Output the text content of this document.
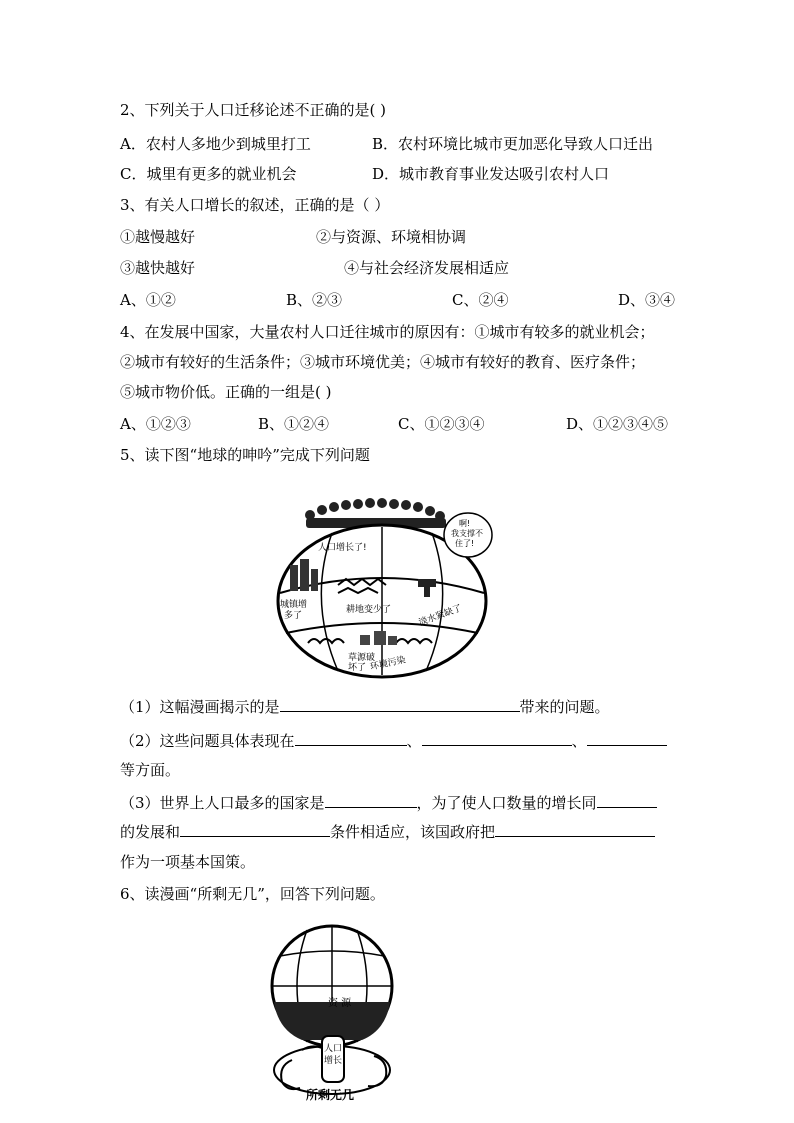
2、下列关于人口迁移论述不正确的是( )
A．农村人多地少到城里打工	B．农村环境比城市更加恶化导致人口迁出
C．城里有更多的就业机会	D．城市教育事业发达吸引农村人口
3、有关人口增长的叙述，正确的是（ ）
①越慢越好	②与资源、环境相协调
③越快越好	④与社会经济发展相适应
A、①②	B、②③	C、②④	D、③④
4、在发展中国家，大量农村人口迁往城市的原因有：①城市有较多的就业机会；
②城市有较好的生活条件；③城市环境优美；④城市有较好的教育、医疗条件；
⑤城市物价低。正确的一组是( )
A、①②③	B、①②④	C、①②③④	D、①②③④⑤
5、读下图“地球的呻吟”完成下列问题
人口增长了!
啊!
我支撑不
住了!
城镇增
多了
耕地变少了	淡水紧缺了
草源破
坏了 环境污染
（1）这幅漫画揭示的是	带来的问题。
（2）这些问题具体表现在	、	、
等方面。
（3）世界上人口最多的国家是	，为了使人口数量的增长同
的发展和	条件相适应，该国政府把
作为一项基本国策。
6、读漫画“所剩无几”，回答下列问题。
资 源
人口
增长
所剩无几
